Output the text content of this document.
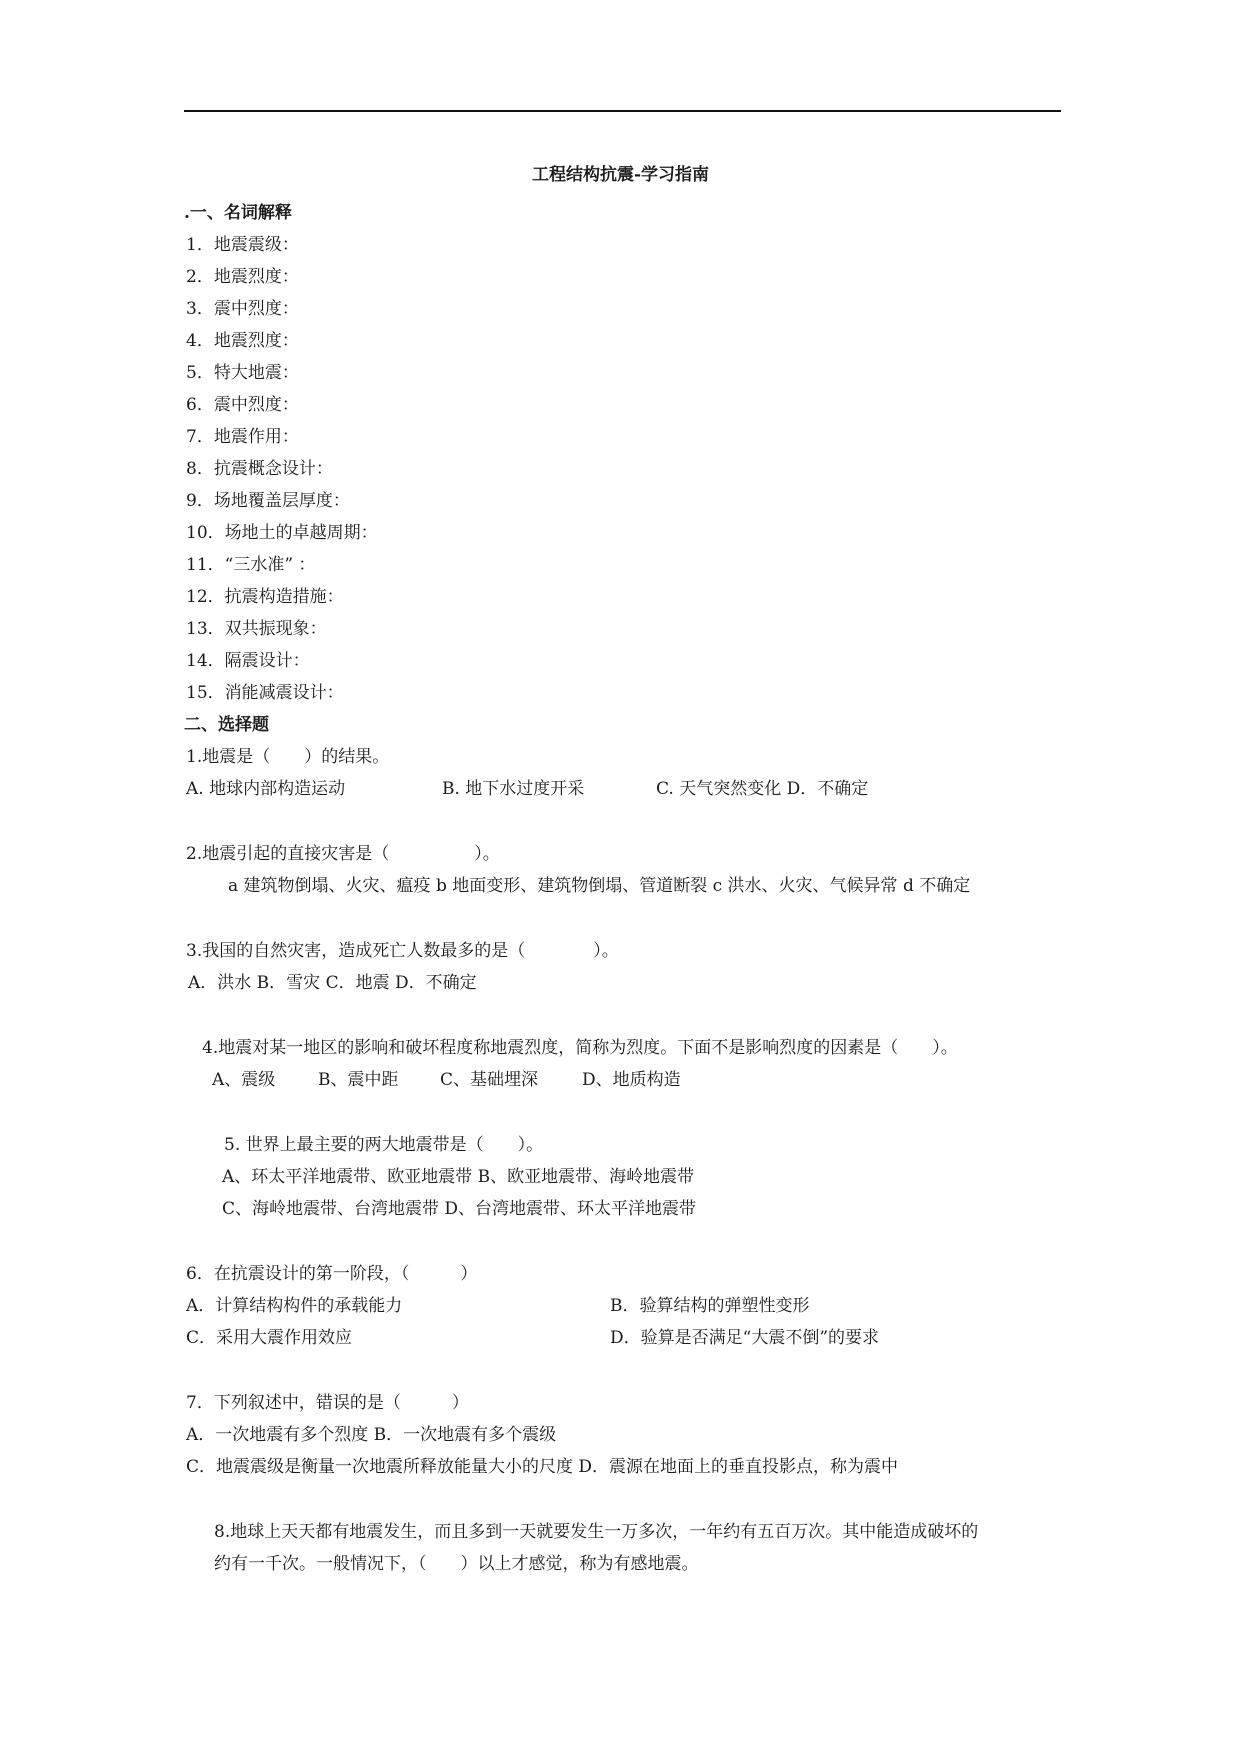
工程结构抗震-学习指南
.一、名词解释
1．地震震级：
2．地震烈度：
3．震中烈度：
4．地震烈度：
5．特大地震：
6．震中烈度：
7．地震作用：
8．抗震概念设计：
9．场地覆盖层厚度：
10．场地土的卓越周期：
11．“三水准” ：
12．抗震构造措施：
13．双共振现象：
14．隔震设计：
15．消能减震设计：
二、选择题
1.地震是（　　）的结果。
A. 地球内部构造运动	B. 地下水过度开采	C. 天气突然变化 D．不确定
2.地震引起的直接灾害是（　　　　　）。
a 建筑物倒塌、火灾、瘟疫 b 地面变形、建筑物倒塌、管道断裂 c 洪水、火灾、气候异常 d 不确定
3.我国的自然灾害，造成死亡人数最多的是（　　　　）。
A．洪水 B．雪灾 C．地震 D．不确定
4.地震对某一地区的影响和破坏程度称地震烈度，简称为烈度。下面不是影响烈度的因素是（　　）。
A、震级	B、震中距 C、基础埋深	D、地质构造
5. 世界上最主要的两大地震带是（　　）。
A、环太平洋地震带、欧亚地震带 B、欧亚地震带、海岭地震带
C、海岭地震带、台湾地震带 D、台湾地震带、环太平洋地震带
6．在抗震设计的第一阶段，（　　　）
A．计算结构构件的承载能力	B．验算结构的弹塑性变形
C．采用大震作用效应	D．验算是否满足“大震不倒”的要求
7．下列叙述中，错误的是（　　　）
A．一次地震有多个烈度 B．一次地震有多个震级
C．地震震级是衡量一次地震所释放能量大小的尺度 D．震源在地面上的垂直投影点，称为震中
8.地球上天天都有地震发生，而且多到一天就要发生一万多次，一年约有五百万次。其中能造成破坏的
约有一千次。一般情况下，（　　）以上才感觉，称为有感地震。
